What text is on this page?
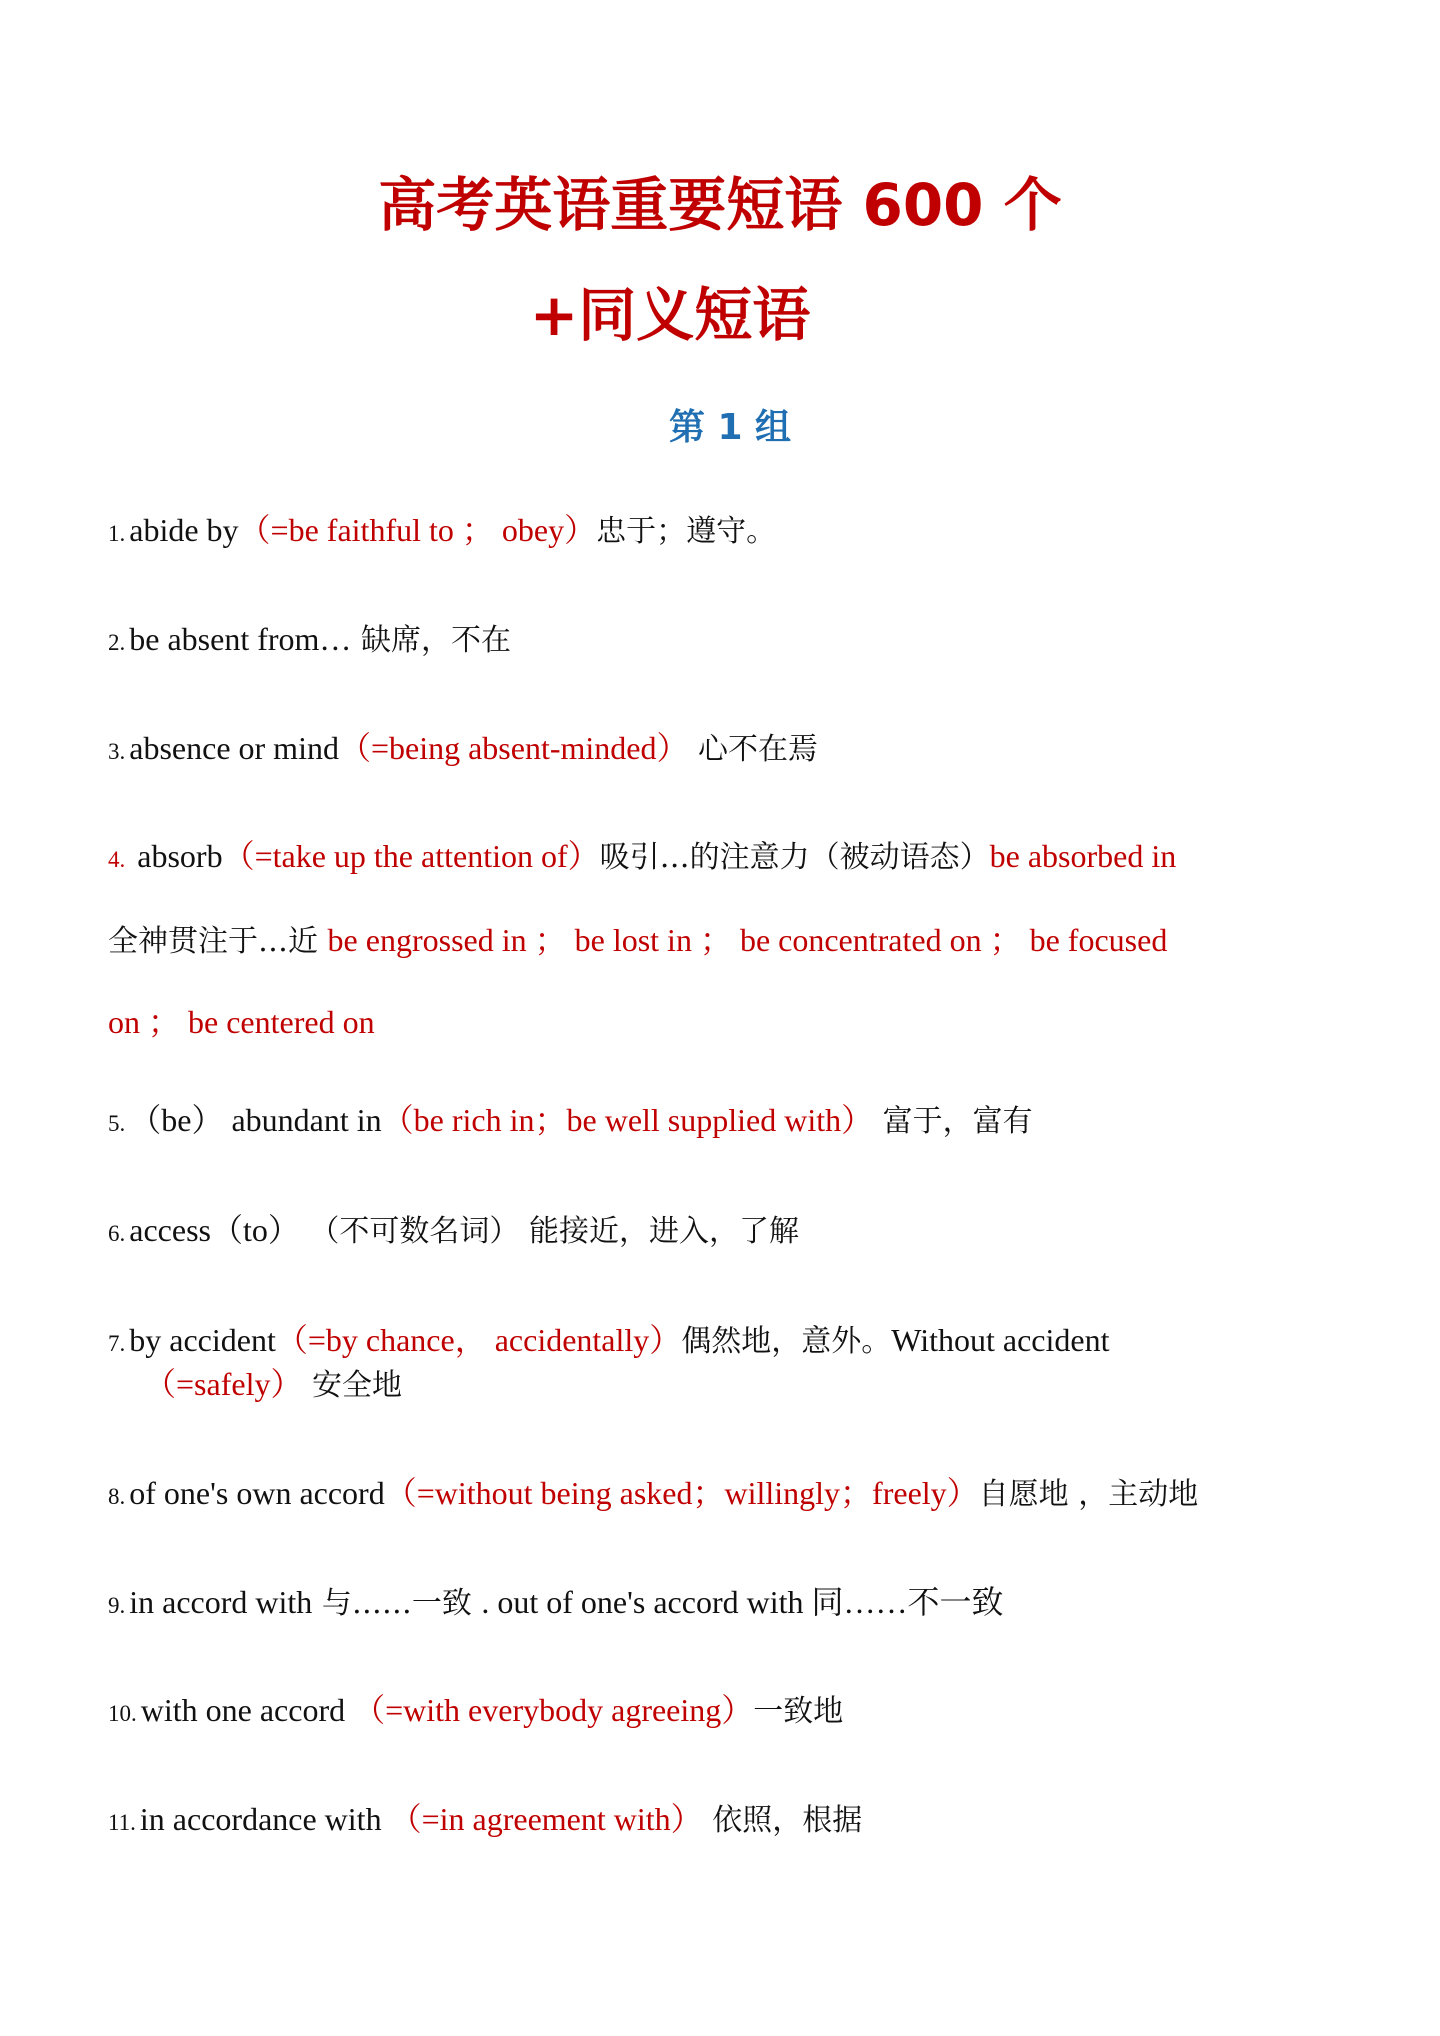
高考英语重要短语 600 个
+同义短语
第 1 组
1. abide by（=be faithful to ； obey）忠于；遵守。
2. be absent from… 缺席，不在
3. absence or mind（=being absent-minded） 心不在焉
4. absorb（=take up the attention of）吸引…的注意力（被动语态）be absorbed in
全神贯注于…近 be engrossed in ； be lost in ； be concentrated on ； be focused
on ； be centered on
5. （be） abundant in（be rich in；be well supplied with） 富于，富有
6. access（to） （不可数名词） 能接近，进入，了解
7. by accident（=by chance， accidentally）偶然地，意外。Without accident
（=safely） 安全地
8. of one's own accord（=without being asked；willingly；freely）自愿地 ，主动地
9. in accord with 与……一致 . out of one's accord with 同……不一致
10. with one accord （=with everybody agreeing）一致地
11. in accordance with （=in agreement with） 依照，根据
